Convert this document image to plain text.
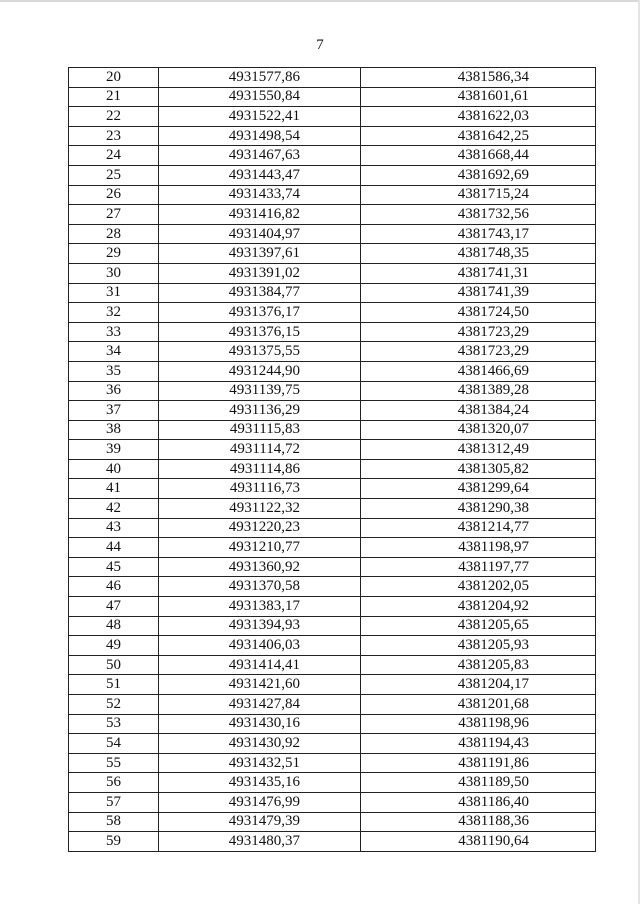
7
20	4931577,86	4381586,34
21	4931550,84	4381601,61
22	4931522,41	4381622,03
23	4931498,54	4381642,25
24	4931467,63	4381668,44
25	4931443,47	4381692,69
26	4931433,74	4381715,24
27	4931416,82	4381732,56
28	4931404,97	4381743,17
29	4931397,61	4381748,35
30	4931391,02	4381741,31
31	4931384,77	4381741,39
32	4931376,17	4381724,50
33	4931376,15	4381723,29
34	4931375,55	4381723,29
35	4931244,90	4381466,69
36	4931139,75	4381389,28
37	4931136,29	4381384,24
38	4931115,83	4381320,07
39	4931114,72	4381312,49
40	4931114,86	4381305,82
41	4931116,73	4381299,64
42	4931122,32	4381290,38
43	4931220,23	4381214,77
44	4931210,77	4381198,97
45	4931360,92	4381197,77
46	4931370,58	4381202,05
47	4931383,17	4381204,92
48	4931394,93	4381205,65
49	4931406,03	4381205,93
50	4931414,41	4381205,83
51	4931421,60	4381204,17
52	4931427,84	4381201,68
53	4931430,16	4381198,96
54	4931430,92	4381194,43
55	4931432,51	4381191,86
56	4931435,16	4381189,50
57	4931476,99	4381186,40
58	4931479,39	4381188,36
59	4931480,37	4381190,64
